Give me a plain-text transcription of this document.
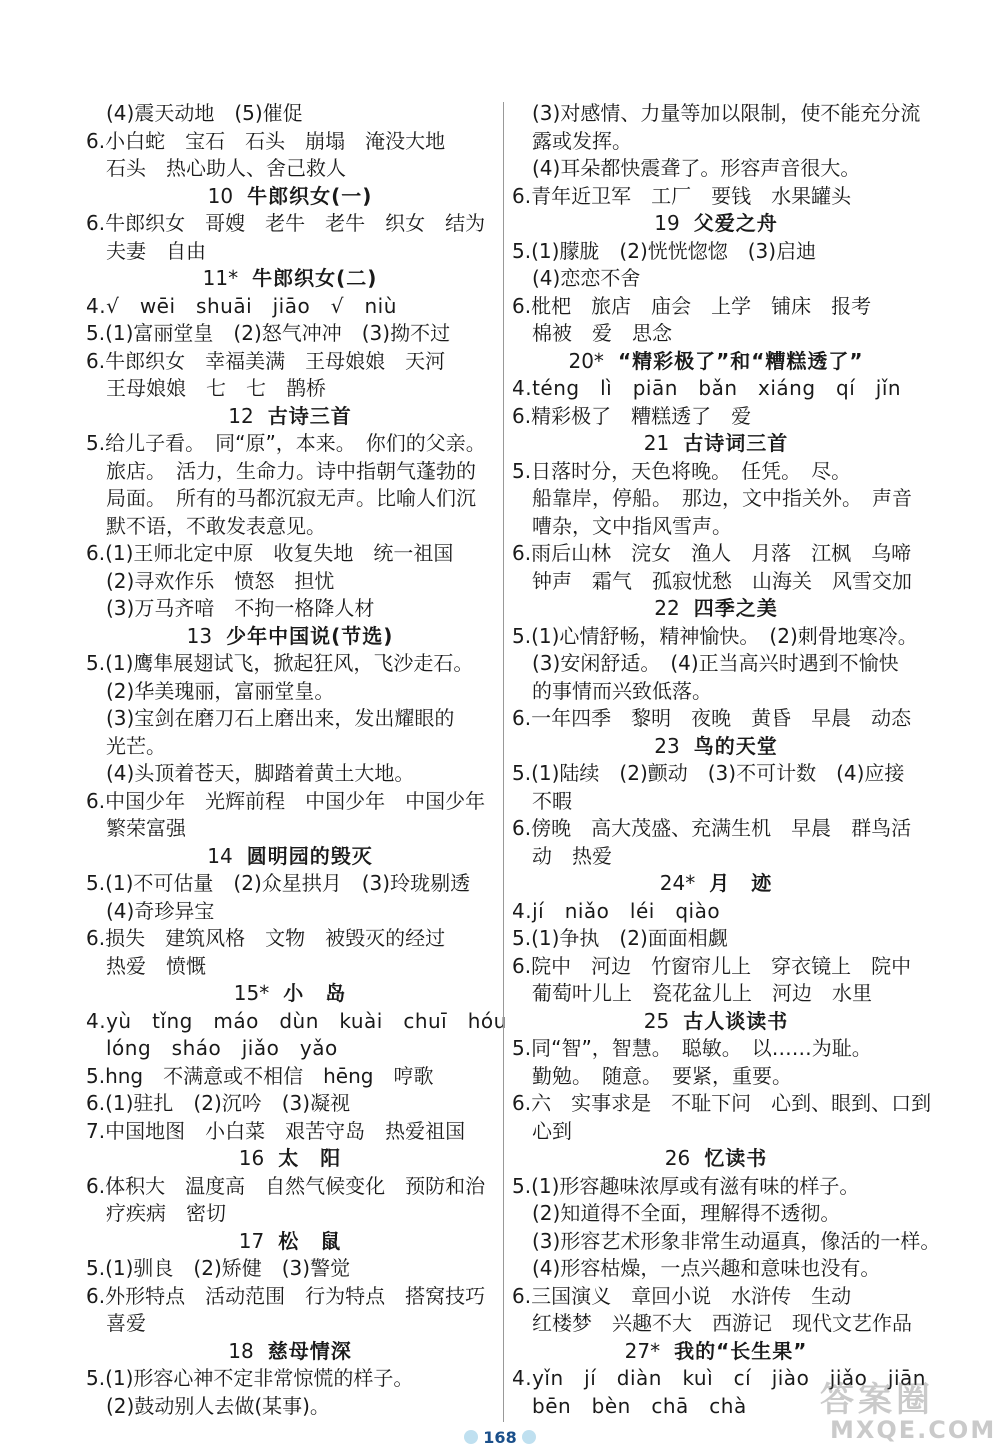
(4)震天动地　(5)催促
6.小白蛇　宝石　石头　崩塌　淹没大地
石头　热心助人、舍己救人
10 牛郎织女(一)
6.牛郎织女　哥嫂　老牛　老牛　织女　结为
夫妻　自由
11* 牛郎织女(二)
4.√　wēi　shuāi　jiāo　√　niù
5.(1)富丽堂皇　(2)怒气冲冲　(3)拗不过
6.牛郎织女　幸福美满　王母娘娘　天河
王母娘娘　七　七　鹊桥
12 古诗三首
5.给儿子看。　同“原”，本来。　你们的父亲。
旅店。　活力，生命力。诗中指朝气蓬勃的
局面。　所有的马都沉寂无声。比喻人们沉
默不语，不敢发表意见。
6.(1)王师北定中原　收复失地　统一祖国
(2)寻欢作乐　愤怒　担忧
(3)万马齐喑　不拘一格降人材
13 少年中国说(节选)
5.(1)鹰隼展翅试飞，掀起狂风，飞沙走石。
(2)华美瑰丽，富丽堂皇。
(3)宝剑在磨刀石上磨出来，发出耀眼的
光芒。
(4)头顶着苍天，脚踏着黄土大地。
6.中国少年　光辉前程　中国少年　中国少年
繁荣富强
14 圆明园的毁灭
5.(1)不可估量　(2)众星拱月　(3)玲珑剔透
(4)奇珍异宝
6.损失　建筑风格　文物　被毁灭的经过
热爱　愤慨
15* 小　岛
4.yù　tǐng　máo　dùn　kuài　chuī　hóu
lóng　sháo　jiǎo　yǎo
5.hng　不满意或不相信　hēng　哼歌
6.(1)驻扎　(2)沉吟　(3)凝视
7.中国地图　小白菜　艰苦守岛　热爱祖国
16 太　阳
6.体积大　温度高　自然气候变化　预防和治
疗疾病　密切
17 松　鼠
5.(1)驯良　(2)矫健　(3)警觉
6.外形特点　活动范围　行为特点　搭窝技巧
喜爱
18 慈母情深
5.(1)形容心神不定非常惊慌的样子。
(2)鼓动别人去做(某事)。
(3)对感情、力量等加以限制，使不能充分流
露或发挥。
(4)耳朵都快震聋了。形容声音很大。
6.青年近卫军　工厂　要钱　水果罐头
19 父爱之舟
5.(1)朦胧　(2)恍恍惚惚　(3)启迪
(4)恋恋不舍
6.枇杷　旅店　庙会　上学　铺床　报考
棉被　爱　思念
20* “精彩极了”和“糟糕透了”
4.téng　lì　piān　bǎn　xiáng　qí　jǐn
6.精彩极了　糟糕透了　爱
21 古诗词三首
5.日落时分，天色将晚。　任凭。　尽。
船靠岸，停船。　那边，文中指关外。　声音
嘈杂，文中指风雪声。
6.雨后山林　浣女　渔人　月落　江枫　乌啼
钟声　霜气　孤寂忧愁　山海关　风雪交加
22 四季之美
5.(1)心情舒畅，精神愉快。　(2)刺骨地寒冷。
(3)安闲舒适。　(4)正当高兴时遇到不愉快
的事情而兴致低落。
6.一年四季　黎明　夜晚　黄昏　早晨　动态
23 鸟的天堂
5.(1)陆续　(2)颤动　(3)不可计数　(4)应接
不暇
6.傍晚　高大茂盛、充满生机　早晨　群鸟活
动　热爱
24* 月　迹
4.jí　niǎo　léi　qiào
5.(1)争执　(2)面面相觑
6.院中　河边　竹窗帘儿上　穿衣镜上　院中
葡萄叶儿上　瓷花盆儿上　河边　水里
25 古人谈读书
5.同“智”，智慧。　聪敏。　以……为耻。
勤勉。　随意。　要紧，重要。
6.六　实事求是　不耻下问　心到、眼到、口到
心到
26 忆读书
5.(1)形容趣味浓厚或有滋有味的样子。
(2)知道得不全面，理解得不透彻。
(3)形容艺术形象非常生动逼真，像活的一样。
(4)形容枯燥，一点兴趣和意味也没有。
6.三国演义　章回小说　水浒传　生动
红楼梦　兴趣不大　西游记　现代文艺作品
27* 我的“长生果”
4.yǐn　jí　diàn　kuì　cí　jiào　jiǎo　jiān
bēn　bèn　chā　chà
168
答案圈
MXQE.COM
